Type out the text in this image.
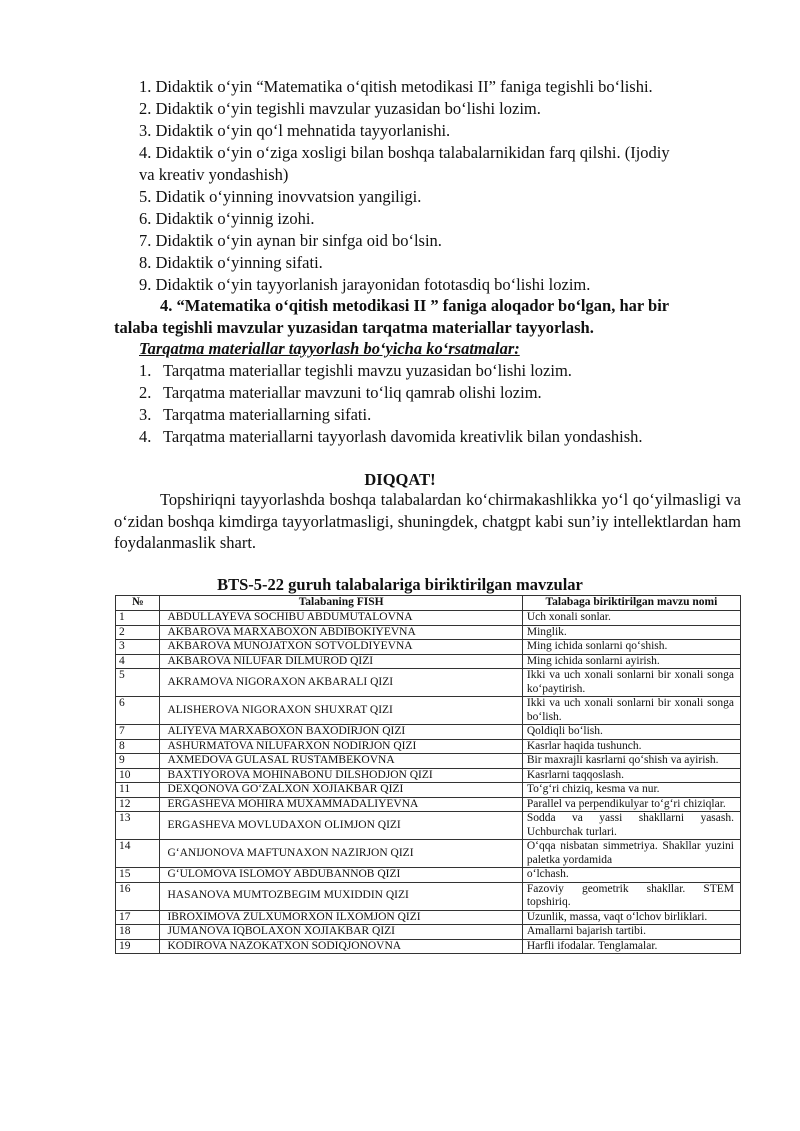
1. Didaktik o‘yin “Matematika o‘qitish metodikasi II” faniga tegishli bo‘lishi.
2. Didaktik o‘yin tegishli mavzular yuzasidan bo‘lishi lozim.
3. Didaktik o‘yin qo‘l mehnatida tayyorlanishi.
4. Didaktik o‘yin o‘ziga xosligi bilan boshqa talabalarnikidan farq qilshi. (Ijodiy
va kreativ yondashish)
5. Didatik o‘yinning inovvatsion yangiligi.
6. Didaktik o‘yinnig izohi.
7. Didaktik o‘yin aynan bir sinfga oid bo‘lsin.
8. Didaktik o‘yinning sifati.
9. Didaktik o‘yin tayyorlanish jarayonidan fototasdiq bo‘lishi lozim.
4. “Matematika o‘qitish metodikasi II ” faniga aloqador bo‘lgan, har bir
talaba tegishli mavzular yuzasidan tarqatma materiallar tayyorlash.
Tarqatma materiallar tayyorlash bo‘yicha ko‘rsatmalar:
1. Tarqatma materiallar tegishli mavzu yuzasidan bo‘lishi lozim.
2. Tarqatma materiallar mavzuni to‘liq qamrab olishi lozim.
3. Tarqatma materiallarning sifati.
4. Tarqatma materiallarni tayyorlash davomida kreativlik bilan yondashish.
DIQQAT!
Topshiriqni tayyorlashda boshqa talabalardan ko‘chirmakashlikka yo‘l qo‘yilmasligi va o‘zidan boshqa kimdirga tayyorlatmasligi, shuningdek, chatgpt kabi sun’iy intellektlardan ham foydalanmaslik shart.
BTS-5-22 guruh talabalariga biriktirilgan mavzular
№	Talabaning FISH	Talabaga biriktirilgan mavzu nomi
1	ABDULLAYEVA SOCHIBU ABDUMUTALOVNA	Uch xonali sonlar.
2	AKBAROVA MARXABOXON ABDIBOKIYEVNA	Minglik.
3	AKBAROVA MUNOJATXON SOTVOLDIYEVNA	Ming ichida sonlarni qo‘shish.
4	AKBAROVA NILUFAR DILMUROD QIZI	Ming ichida sonlarni ayirish.
5	AKRAMOVA NIGORAXON AKBARALI QIZI	Ikki va uch xonali sonlarni bir xonali songa ko‘paytirish.
6	ALISHEROVA NIGORAXON SHUXRAT QIZI	Ikki va uch xonali sonlarni bir xonali songa bo‘lish.
7	ALIYEVA MARXABOXON BAXODIRJON QIZI	Qoldiqli bo‘lish.
8	ASHURMATOVA NILUFARXON NODIRJON QIZI	Kasrlar haqida tushunch.
9	AXMEDOVA GULASAL RUSTAMBEKOVNA	Bir maxrajli kasrlarni qo‘shish va ayirish.
10	BAXTIYOROVA MOHINABONU DILSHODJON QIZI	Kasrlarni taqqoslash.
11	DEXQONOVA GO‘ZALXON XOJIAKBAR QIZI	To‘g‘ri chiziq, kesma va nur.
12	ERGASHEVA MOHIRA MUXAMMADALIYEVNA	Parallel va perpendikulyar to‘g‘ri chiziqlar.
13	ERGASHEVA MOVLUDAXON OLIMJON QIZI	Sodda va yassi shakllarni yasash. Uchburchak turlari.
14	G‘ANIJONOVA MAFTUNAXON NAZIRJON QIZI	O‘qqa nisbatan simmetriya. Shakllar yuzini paletka yordamida
15	G‘ULOMOVA ISLOMOY ABDUBANNOB QIZI	o‘lchash.
16	HASANOVA MUMTOZBEGIM MUXIDDIN QIZI	Fazoviy geometrik shakllar. STEM topshiriq.
17	IBROXIMOVA ZULXUMORXON ILXOMJON QIZI	Uzunlik, massa, vaqt o‘lchov birliklari.
18	JUMANOVA IQBOLAXON XOJIAKBAR QIZI	Amallarni bajarish tartibi.
19	KODIROVA NAZOKATXON SODIQJONOVNA	Harfli ifodalar. Tenglamalar.
